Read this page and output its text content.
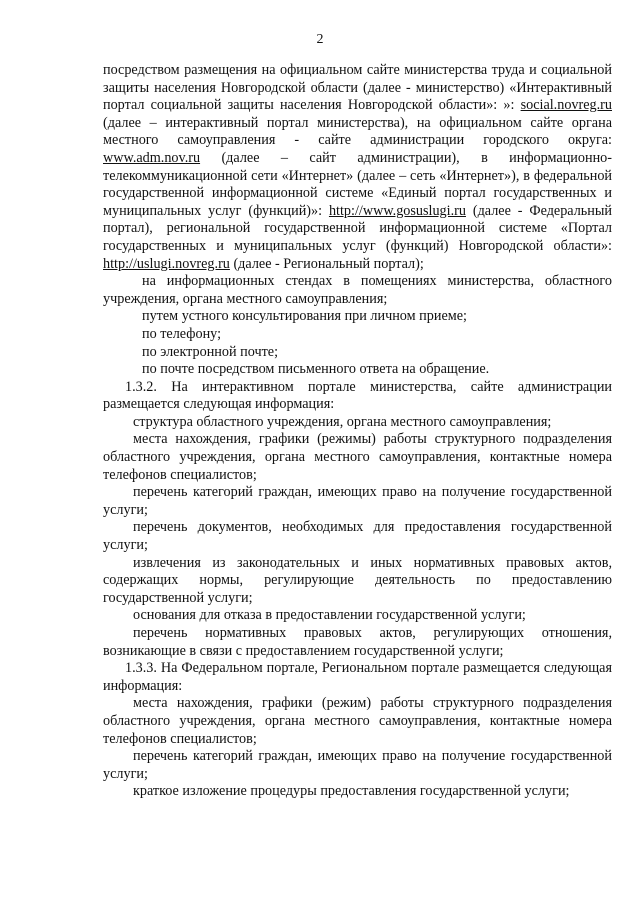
2

посредством размещения на официальном сайте министерства труда и социальной защиты населения Новгородской области (далее - министерство) «Интерактивный портал социальной защиты населения Новгородской области»: »: social.novreg.ru (далее – интерактивный портал министерства), на официальном сайте органа местного самоуправления - сайте администрации городского округа: www.adm.nov.ru (далее – сайт администрации), в информационно-телекоммуникационной сети «Интернет» (далее – сеть «Интернет»), в федеральной государственной информационной системе «Единый портал государственных и муниципальных услуг (функций)»: http://www.gosuslugi.ru (далее - Федеральный портал), региональной государственной информационной системе «Портал государственных и муниципальных услуг (функций) Новгородской области»: http://uslugi.novreg.ru (далее - Региональный портал);

на информационных стендах в помещениях министерства, областного учреждения, органа местного самоуправления;

путем устного консультирования при личном приеме;

по телефону;

по электронной почте;

по почте посредством письменного ответа на обращение.

1.3.2. На интерактивном портале министерства, сайте администрации размещается следующая информация:

структура областного учреждения, органа местного самоуправления;

места нахождения, графики (режимы) работы структурного подразделения областного учреждения, органа местного самоуправления, контактные номера телефонов специалистов;

перечень категорий граждан, имеющих право на получение государственной услуги;

перечень документов, необходимых для предоставления государственной услуги;

извлечения из законодательных и иных нормативных правовых актов, содержащих нормы, регулирующие деятельность по предоставлению государственной услуги;

основания для отказа в предоставлении государственной услуги;

перечень нормативных правовых актов, регулирующих отношения, возникающие в связи с предоставлением государственной услуги;

1.3.3. На Федеральном портале, Региональном портале размещается следующая информация:

места нахождения, графики (режим) работы структурного подразделения областного учреждения, органа местного самоуправления, контактные номера телефонов специалистов;

перечень категорий граждан, имеющих право на получение государственной услуги;

краткое изложение процедуры предоставления государственной услуги;
